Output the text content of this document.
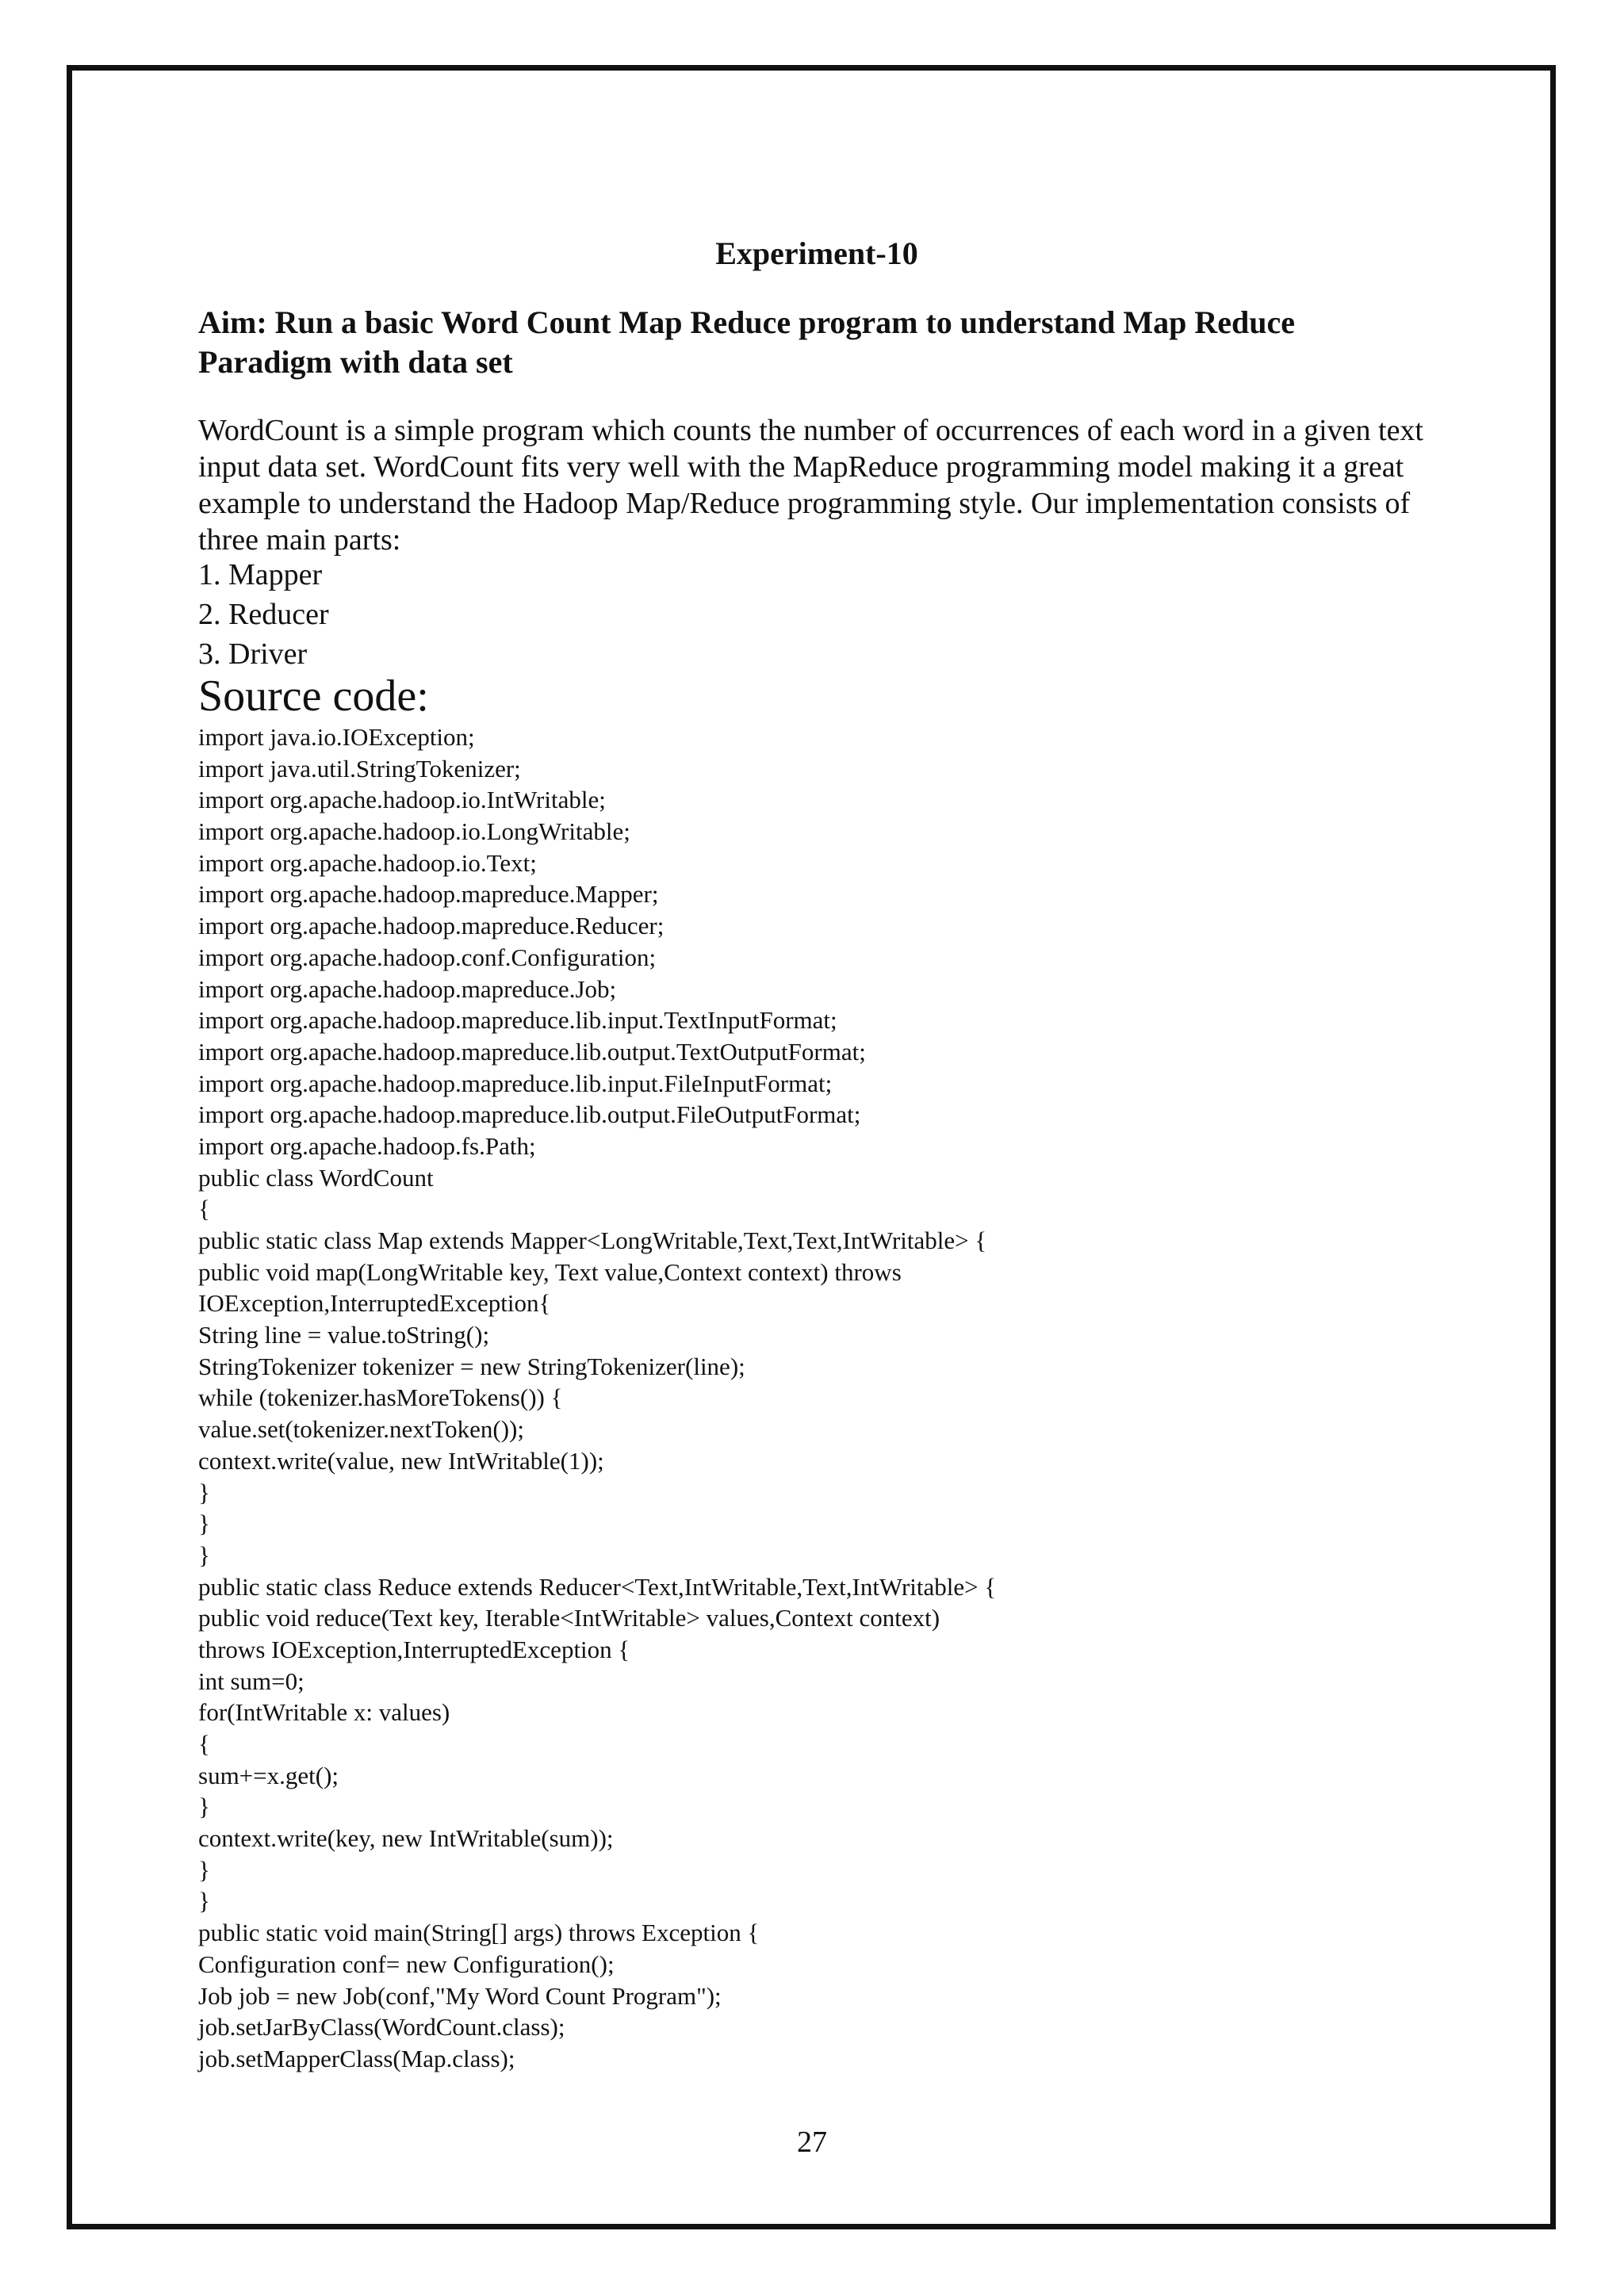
Experiment-10

Aim: Run a basic Word Count Map Reduce program to understand Map Reduce Paradigm with data set

WordCount is a simple program which counts the number of occurrences of each word in a given text input data set. WordCount fits very well with the MapReduce programming model making it a great example to understand the Hadoop Map/Reduce programming style. Our implementation consists of three main parts:

1. Mapper
2. Reducer
3. Driver
Source code:
import java.io.IOException;
import java.util.StringTokenizer;
import org.apache.hadoop.io.IntWritable;
import org.apache.hadoop.io.LongWritable;
import org.apache.hadoop.io.Text;
import org.apache.hadoop.mapreduce.Mapper;
import org.apache.hadoop.mapreduce.Reducer;
import org.apache.hadoop.conf.Configuration;
import org.apache.hadoop.mapreduce.Job;
import org.apache.hadoop.mapreduce.lib.input.TextInputFormat;
import org.apache.hadoop.mapreduce.lib.output.TextOutputFormat;
import org.apache.hadoop.mapreduce.lib.input.FileInputFormat;
import org.apache.hadoop.mapreduce.lib.output.FileOutputFormat;
import org.apache.hadoop.fs.Path;
public class WordCount
{
public static class Map extends Mapper<LongWritable,Text,Text,IntWritable> {
public void map(LongWritable key, Text value,Context context) throws
IOException,InterruptedException{
String line = value.toString();
StringTokenizer tokenizer = new StringTokenizer(line);
while (tokenizer.hasMoreTokens()) {
value.set(tokenizer.nextToken());
context.write(value, new IntWritable(1));
}
}
}
public static class Reduce extends Reducer<Text,IntWritable,Text,IntWritable> {
public void reduce(Text key, Iterable<IntWritable> values,Context context)
throws IOException,InterruptedException {
int sum=0;
for(IntWritable x: values)
{
sum+=x.get();
}
context.write(key, new IntWritable(sum));
}
}
public static void main(String[] args) throws Exception {
Configuration conf= new Configuration();
Job job = new Job(conf,"My Word Count Program");
job.setJarByClass(WordCount.class);
job.setMapperClass(Map.class);
27
